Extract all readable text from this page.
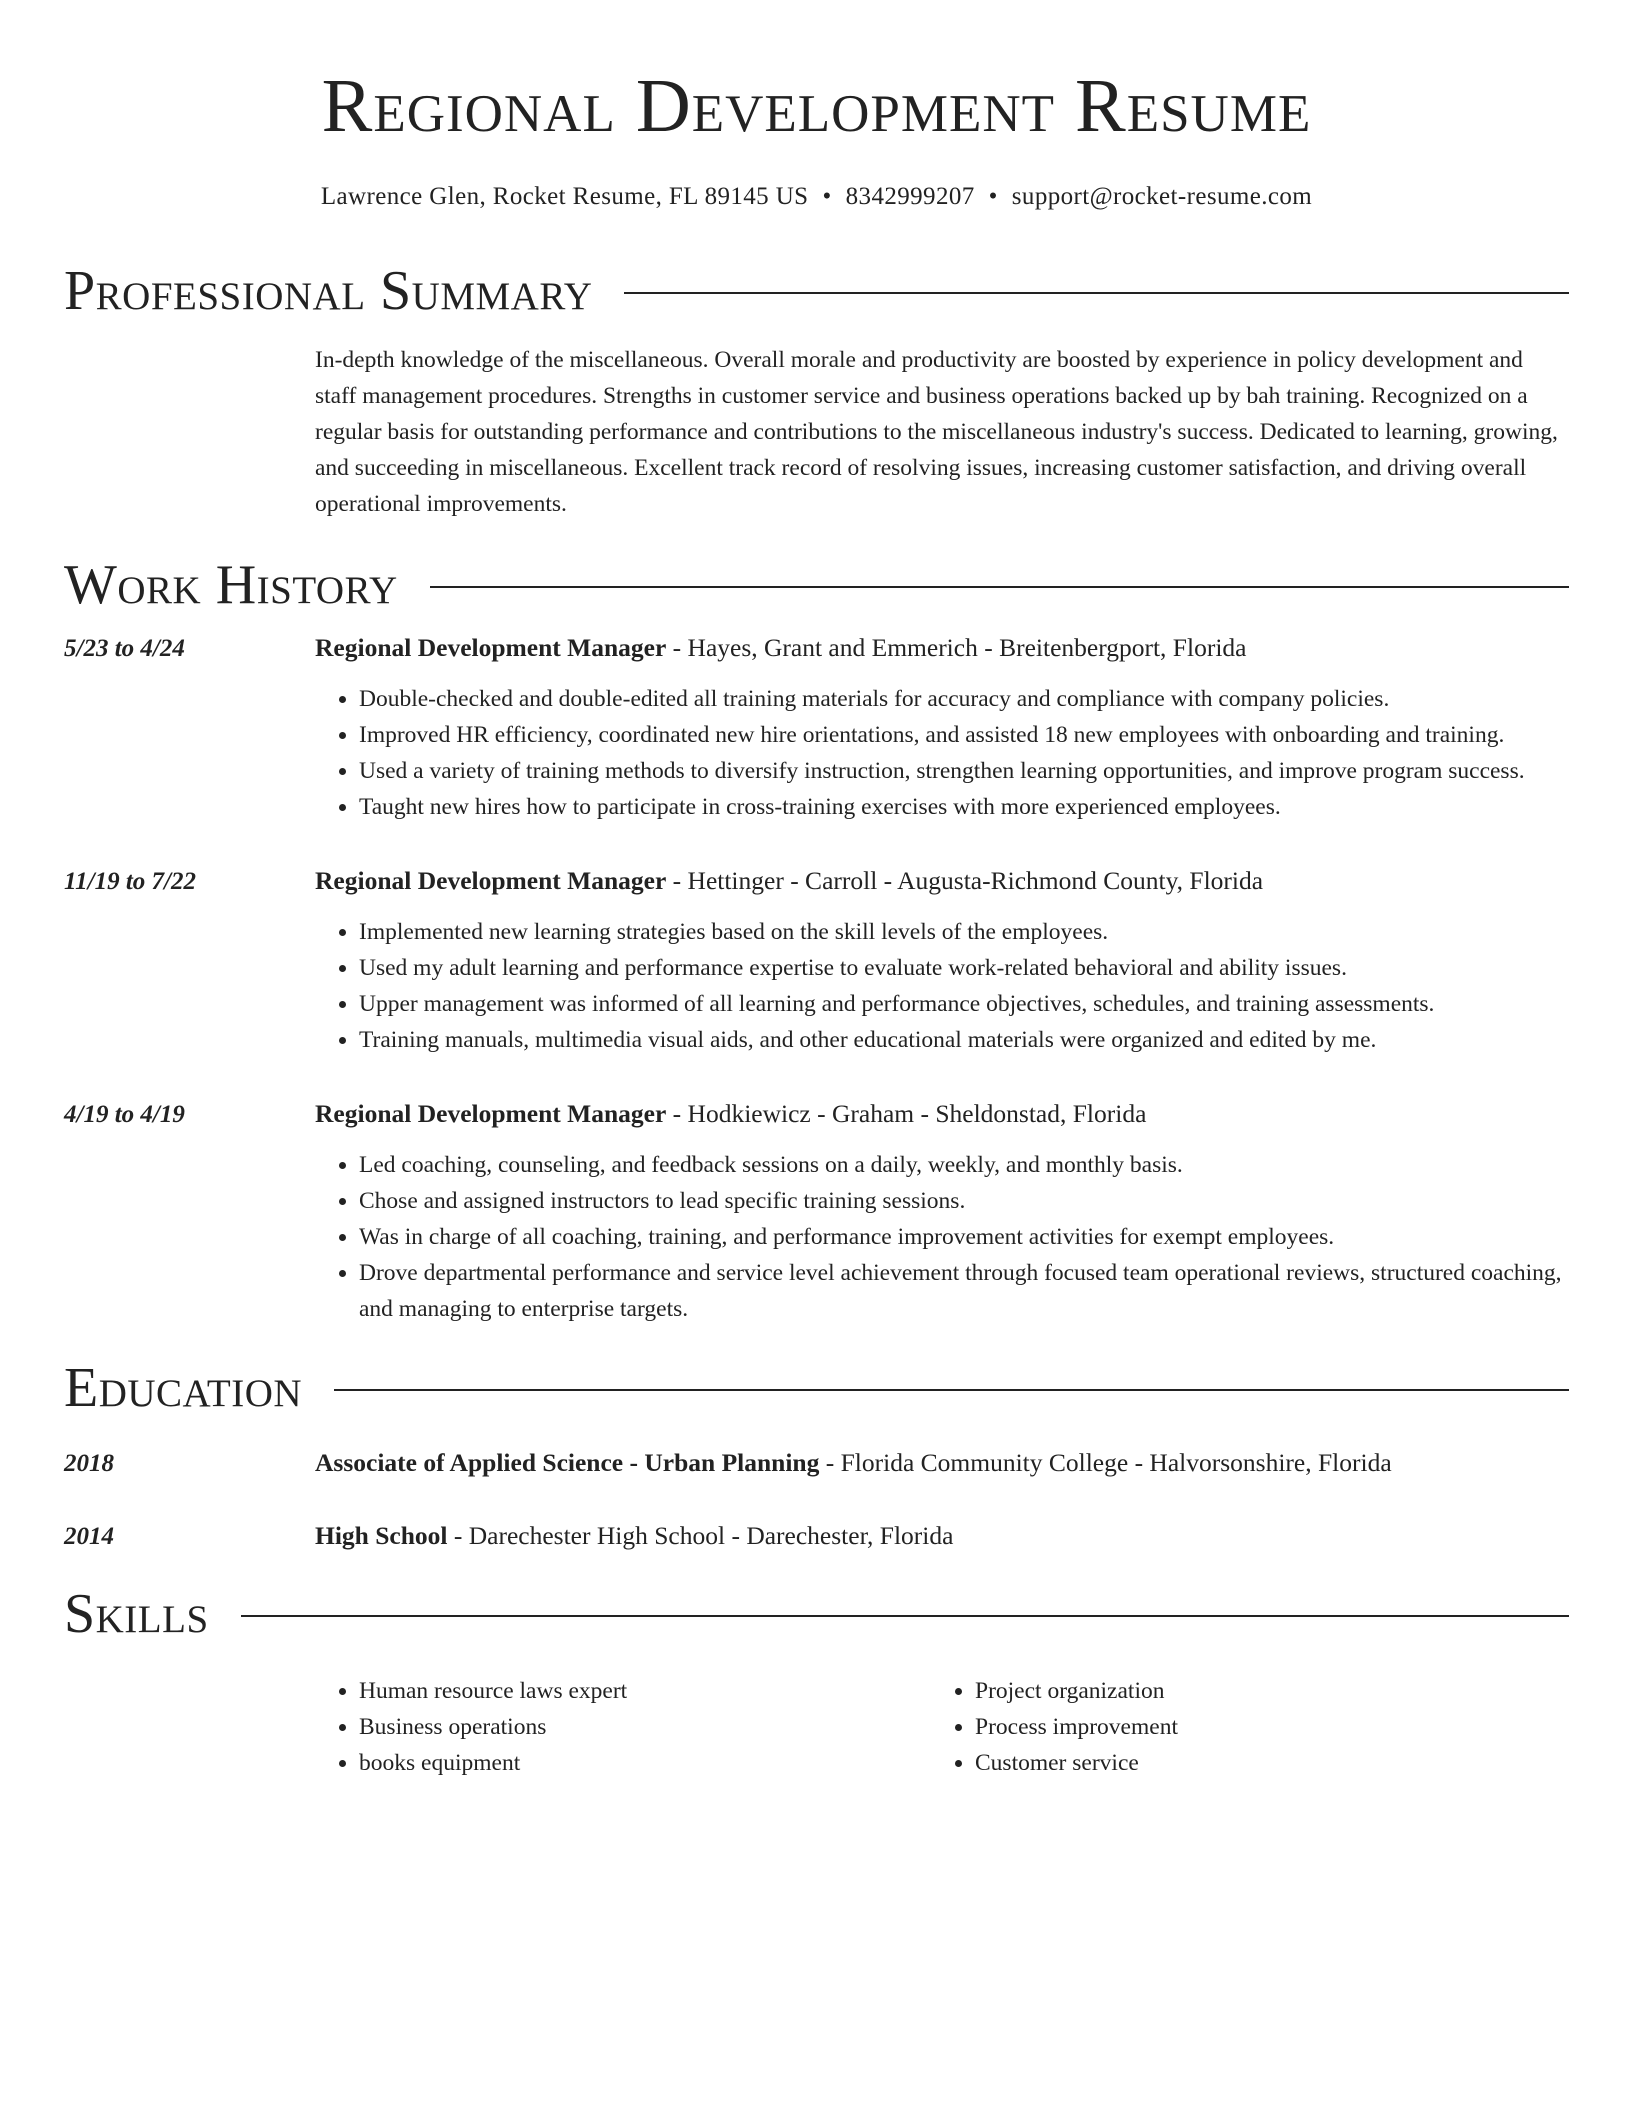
Regional Development Resume
Lawrence Glen, Rocket Resume, FL 89145 US • 8342999207 • support@rocket-resume.com
Professional Summary
In-depth knowledge of the miscellaneous. Overall morale and productivity are boosted by experience in policy development and staff management procedures. Strengths in customer service and business operations backed up by bah training. Recognized on a regular basis for outstanding performance and contributions to the miscellaneous industry's success. Dedicated to learning, growing, and succeeding in miscellaneous. Excellent track record of resolving issues, increasing customer satisfaction, and driving overall operational improvements.
Work History
5/23 to 4/24	Regional Development Manager - Hayes, Grant and Emmerich - Breitenbergport, Florida
• Double-checked and double-edited all training materials for accuracy and compliance with company policies.
• Improved HR efficiency, coordinated new hire orientations, and assisted 18 new employees with onboarding and training.
• Used a variety of training methods to diversify instruction, strengthen learning opportunities, and improve program success.
• Taught new hires how to participate in cross-training exercises with more experienced employees.
11/19 to 7/22	Regional Development Manager - Hettinger - Carroll - Augusta-Richmond County, Florida
• Implemented new learning strategies based on the skill levels of the employees.
• Used my adult learning and performance expertise to evaluate work-related behavioral and ability issues.
• Upper management was informed of all learning and performance objectives, schedules, and training assessments.
• Training manuals, multimedia visual aids, and other educational materials were organized and edited by me.
4/19 to 4/19	Regional Development Manager - Hodkiewicz - Graham - Sheldonstad, Florida
• Led coaching, counseling, and feedback sessions on a daily, weekly, and monthly basis.
• Chose and assigned instructors to lead specific training sessions.
• Was in charge of all coaching, training, and performance improvement activities for exempt employees.
• Drove departmental performance and service level achievement through focused team operational reviews, structured coaching, and managing to enterprise targets.
Education
2018	Associate of Applied Science - Urban Planning - Florida Community College - Halvorsonshire, Florida
2014	High School - Darechester High School - Darechester, Florida
Skills
• Human resource laws expert
• Business operations
• books equipment
• Project organization
• Process improvement
• Customer service
